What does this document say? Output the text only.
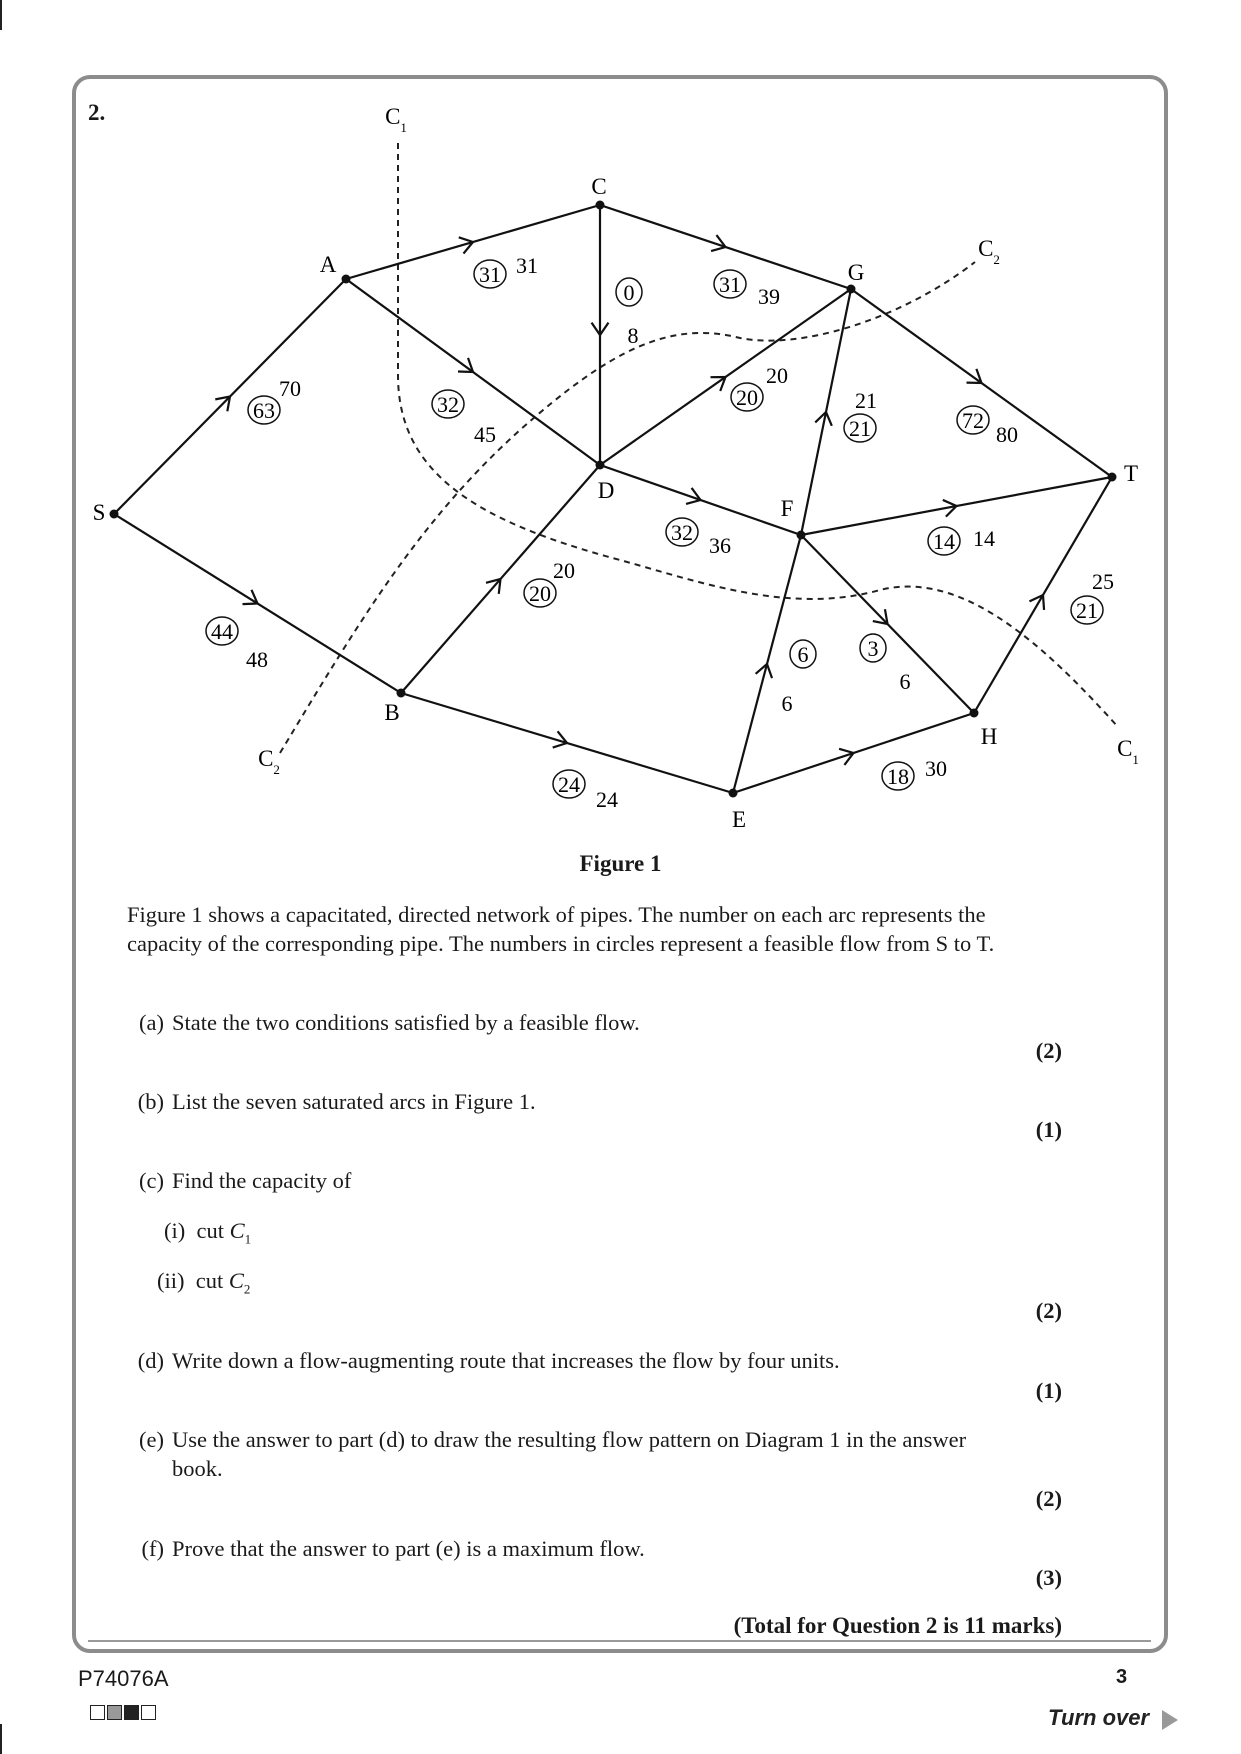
2.
S
A
B
C
D
E
F
G
H
T
$C_1$
$C_1$
$C_2$
$C_2$
70
63
48
44
31
31
45
32
8
0	39
31
20
20
36
32
20
20
24
24
21
21	80
72
14
14
6
3
6
6
30
18
25
21
Figure 1
Figure 1 shows a capacitated, directed network of pipes. The number on each arc represents the capacity of the corresponding pipe. The numbers in circles represent a feasible flow from S to T.
(a) State the two conditions satisfied by a feasible flow.
(2)
(b) List the seven saturated arcs in Figure 1.
(1)
(c) Find the capacity of
(i) cut $C_1$
(ii) cut $C_2$
(2)
(d) Write down a flow-augmenting route that increases the flow by four units.
(1)
(e) Use the answer to part (d) to draw the resulting flow pattern on Diagram 1 in the answer book.
(2)
(f) Prove that the answer to part (e) is a maximum flow.
(3)
(Total for Question 2 is 11 marks)
P74076A	3
Turn over
